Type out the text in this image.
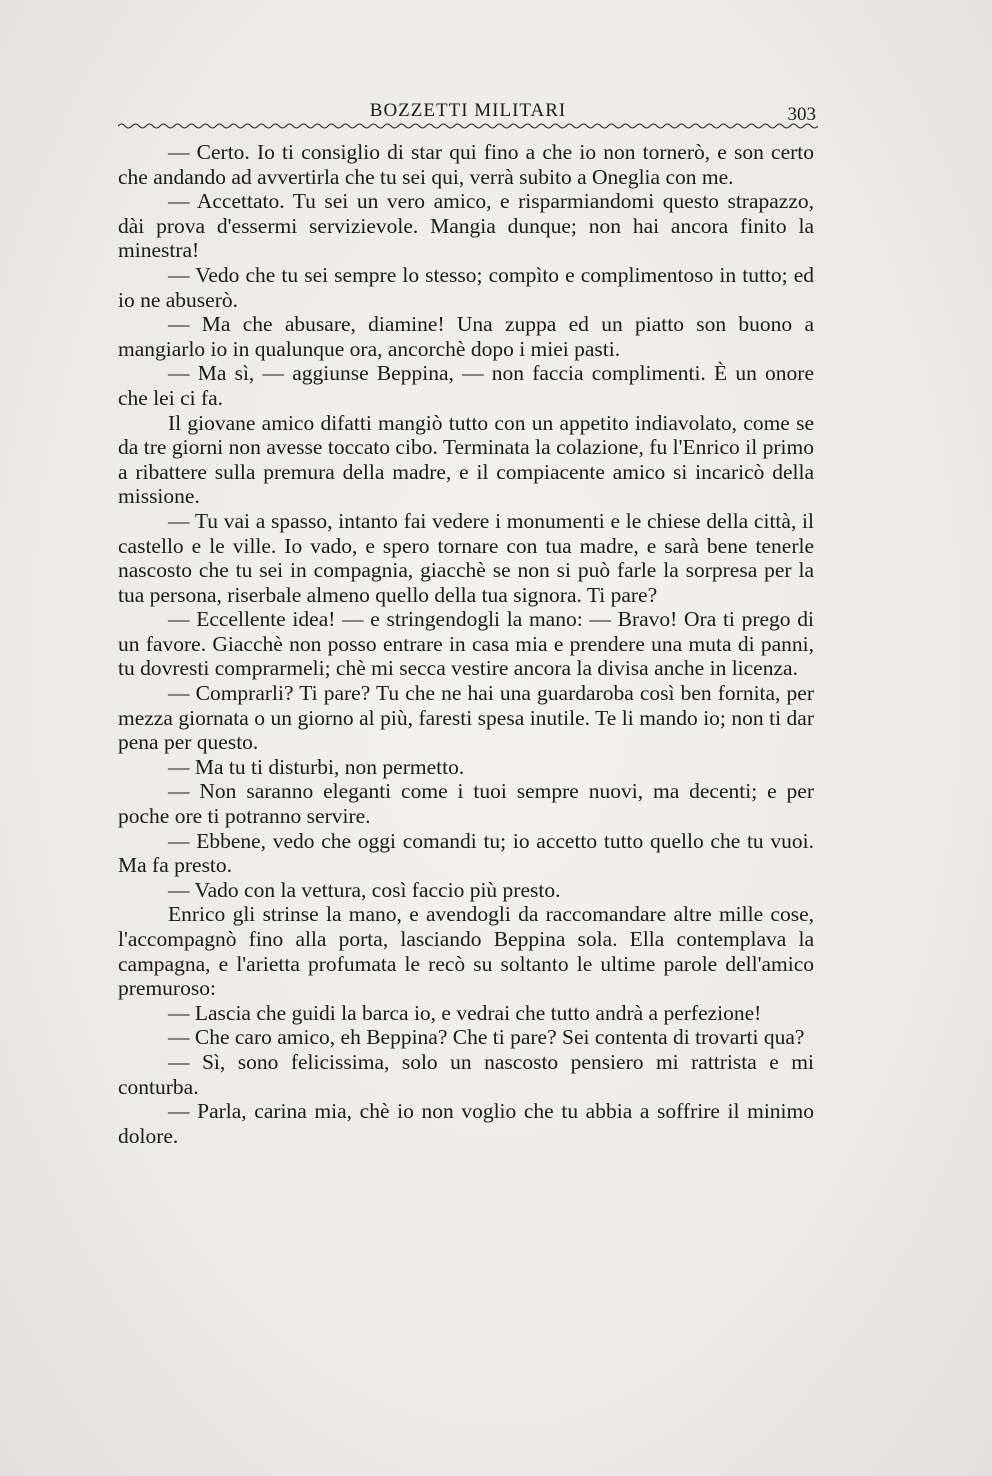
BOZZETTI MILITARI	303

— Certo. Io ti consiglio di star qui fino a che io non tornerò, e son certo che andando ad avvertirla che tu sei qui, verrà subito a Oneglia con me.

— Accettato. Tu sei un vero amico, e risparmiandomi questo strapazzo, dài prova d'essermi servizievole. Mangia dunque; non hai ancora finito la minestra!

— Vedo che tu sei sempre lo stesso; compìto e complimentoso in tutto; ed io ne abuserò.

— Ma che abusare, diamine! Una zuppa ed un piatto son buono a mangiarlo io in qualunque ora, ancorchè dopo i miei pasti.

— Ma sì, — aggiunse Beppina, — non faccia complimenti. È un onore che lei ci fa.

Il giovane amico difatti mangiò tutto con un appetito indiavolato, come se da tre giorni non avesse toccato cibo. Terminata la colazione, fu l'Enrico il primo a ribattere sulla premura della madre, e il compiacente amico si incaricò della missione.

— Tu vai a spasso, intanto fai vedere i monumenti e le chiese della città, il castello e le ville. Io vado, e spero tornare con tua madre, e sarà bene tenerle nascosto che tu sei in compagnia, giacchè se non si può farle la sorpresa per la tua persona, riserbale almeno quello della tua signora. Ti pare?

— Eccellente idea! — e stringendogli la mano: — Bravo! Ora ti prego di un favore. Giacchè non posso entrare in casa mia e prendere una muta di panni, tu dovresti comprarmeli; chè mi secca vestire ancora la divisa anche in licenza.

— Comprarli? Ti pare? Tu che ne hai una guardaroba così ben fornita, per mezza giornata o un giorno al più, faresti spesa inutile. Te li mando io; non ti dar pena per questo.

— Ma tu ti disturbi, non permetto.

— Non saranno eleganti come i tuoi sempre nuovi, ma decenti; e per poche ore ti potranno servire.

— Ebbene, vedo che oggi comandi tu; io accetto tutto quello che tu vuoi. Ma fa presto.

— Vado con la vettura, così faccio più presto.

Enrico gli strinse la mano, e avendogli da raccomandare altre mille cose, l'accompagnò fino alla porta, lasciando Beppina sola. Ella contemplava la campagna, e l'arietta profumata le recò su soltanto le ultime parole dell'amico premuroso:

— Lascia che guidi la barca io, e vedrai che tutto andrà a perfezione!

— Che caro amico, eh Beppina? Che ti pare? Sei contenta di trovarti qua?

— Sì, sono felicissima, solo un nascosto pensiero mi rattrista e mi conturba.

— Parla, carina mia, chè io non voglio che tu abbia a soffrire il minimo dolore.
